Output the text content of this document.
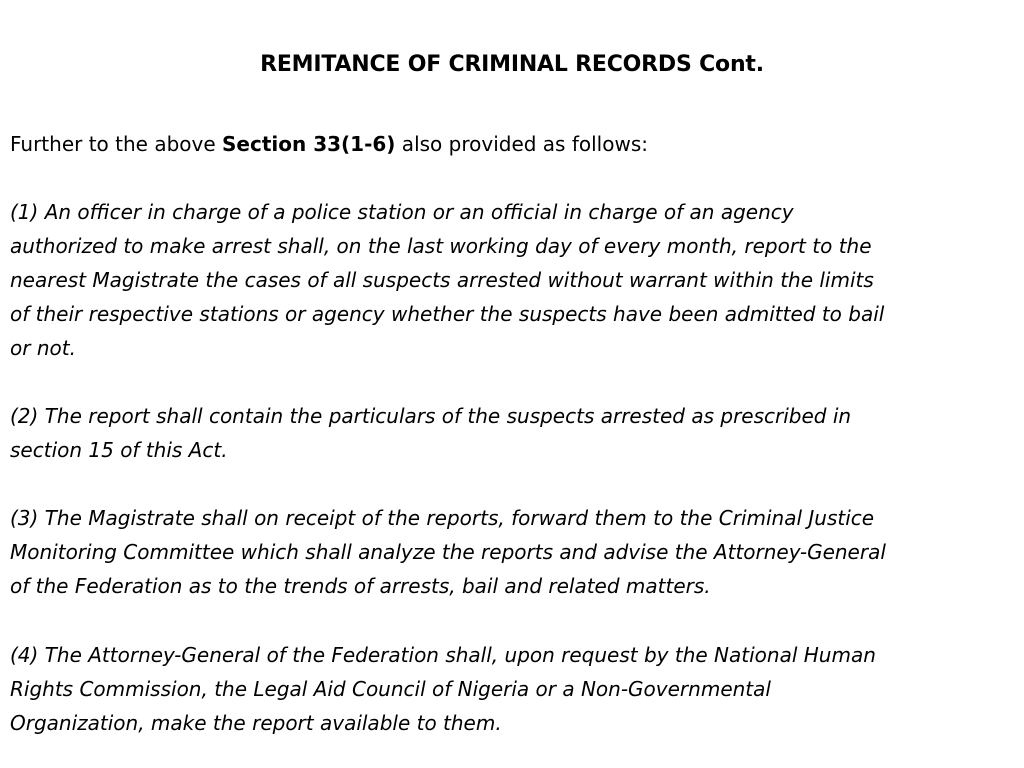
REMITANCE OF CRIMINAL RECORDS Cont.
Further to the above Section 33(1-6) also provided as follows:
(1) An officer in charge of a police station or an official in charge of an agency
authorized to make arrest shall, on the last working day of every month, report to the
nearest Magistrate the cases of all suspects arrested without warrant within the limits
of their respective stations or agency whether the suspects have been admitted to bail
or not.
(2) The report shall contain the particulars of the suspects arrested as prescribed in
section 15 of this Act.
(3) The Magistrate shall on receipt of the reports, forward them to the Criminal Justice
Monitoring Committee which shall analyze the reports and advise the Attorney-General
of the Federation as to the trends of arrests, bail and related matters.
(4) The Attorney-General of the Federation shall, upon request by the National Human
Rights Commission, the Legal Aid Council of Nigeria or a Non-Governmental
Organization, make the report available to them.
